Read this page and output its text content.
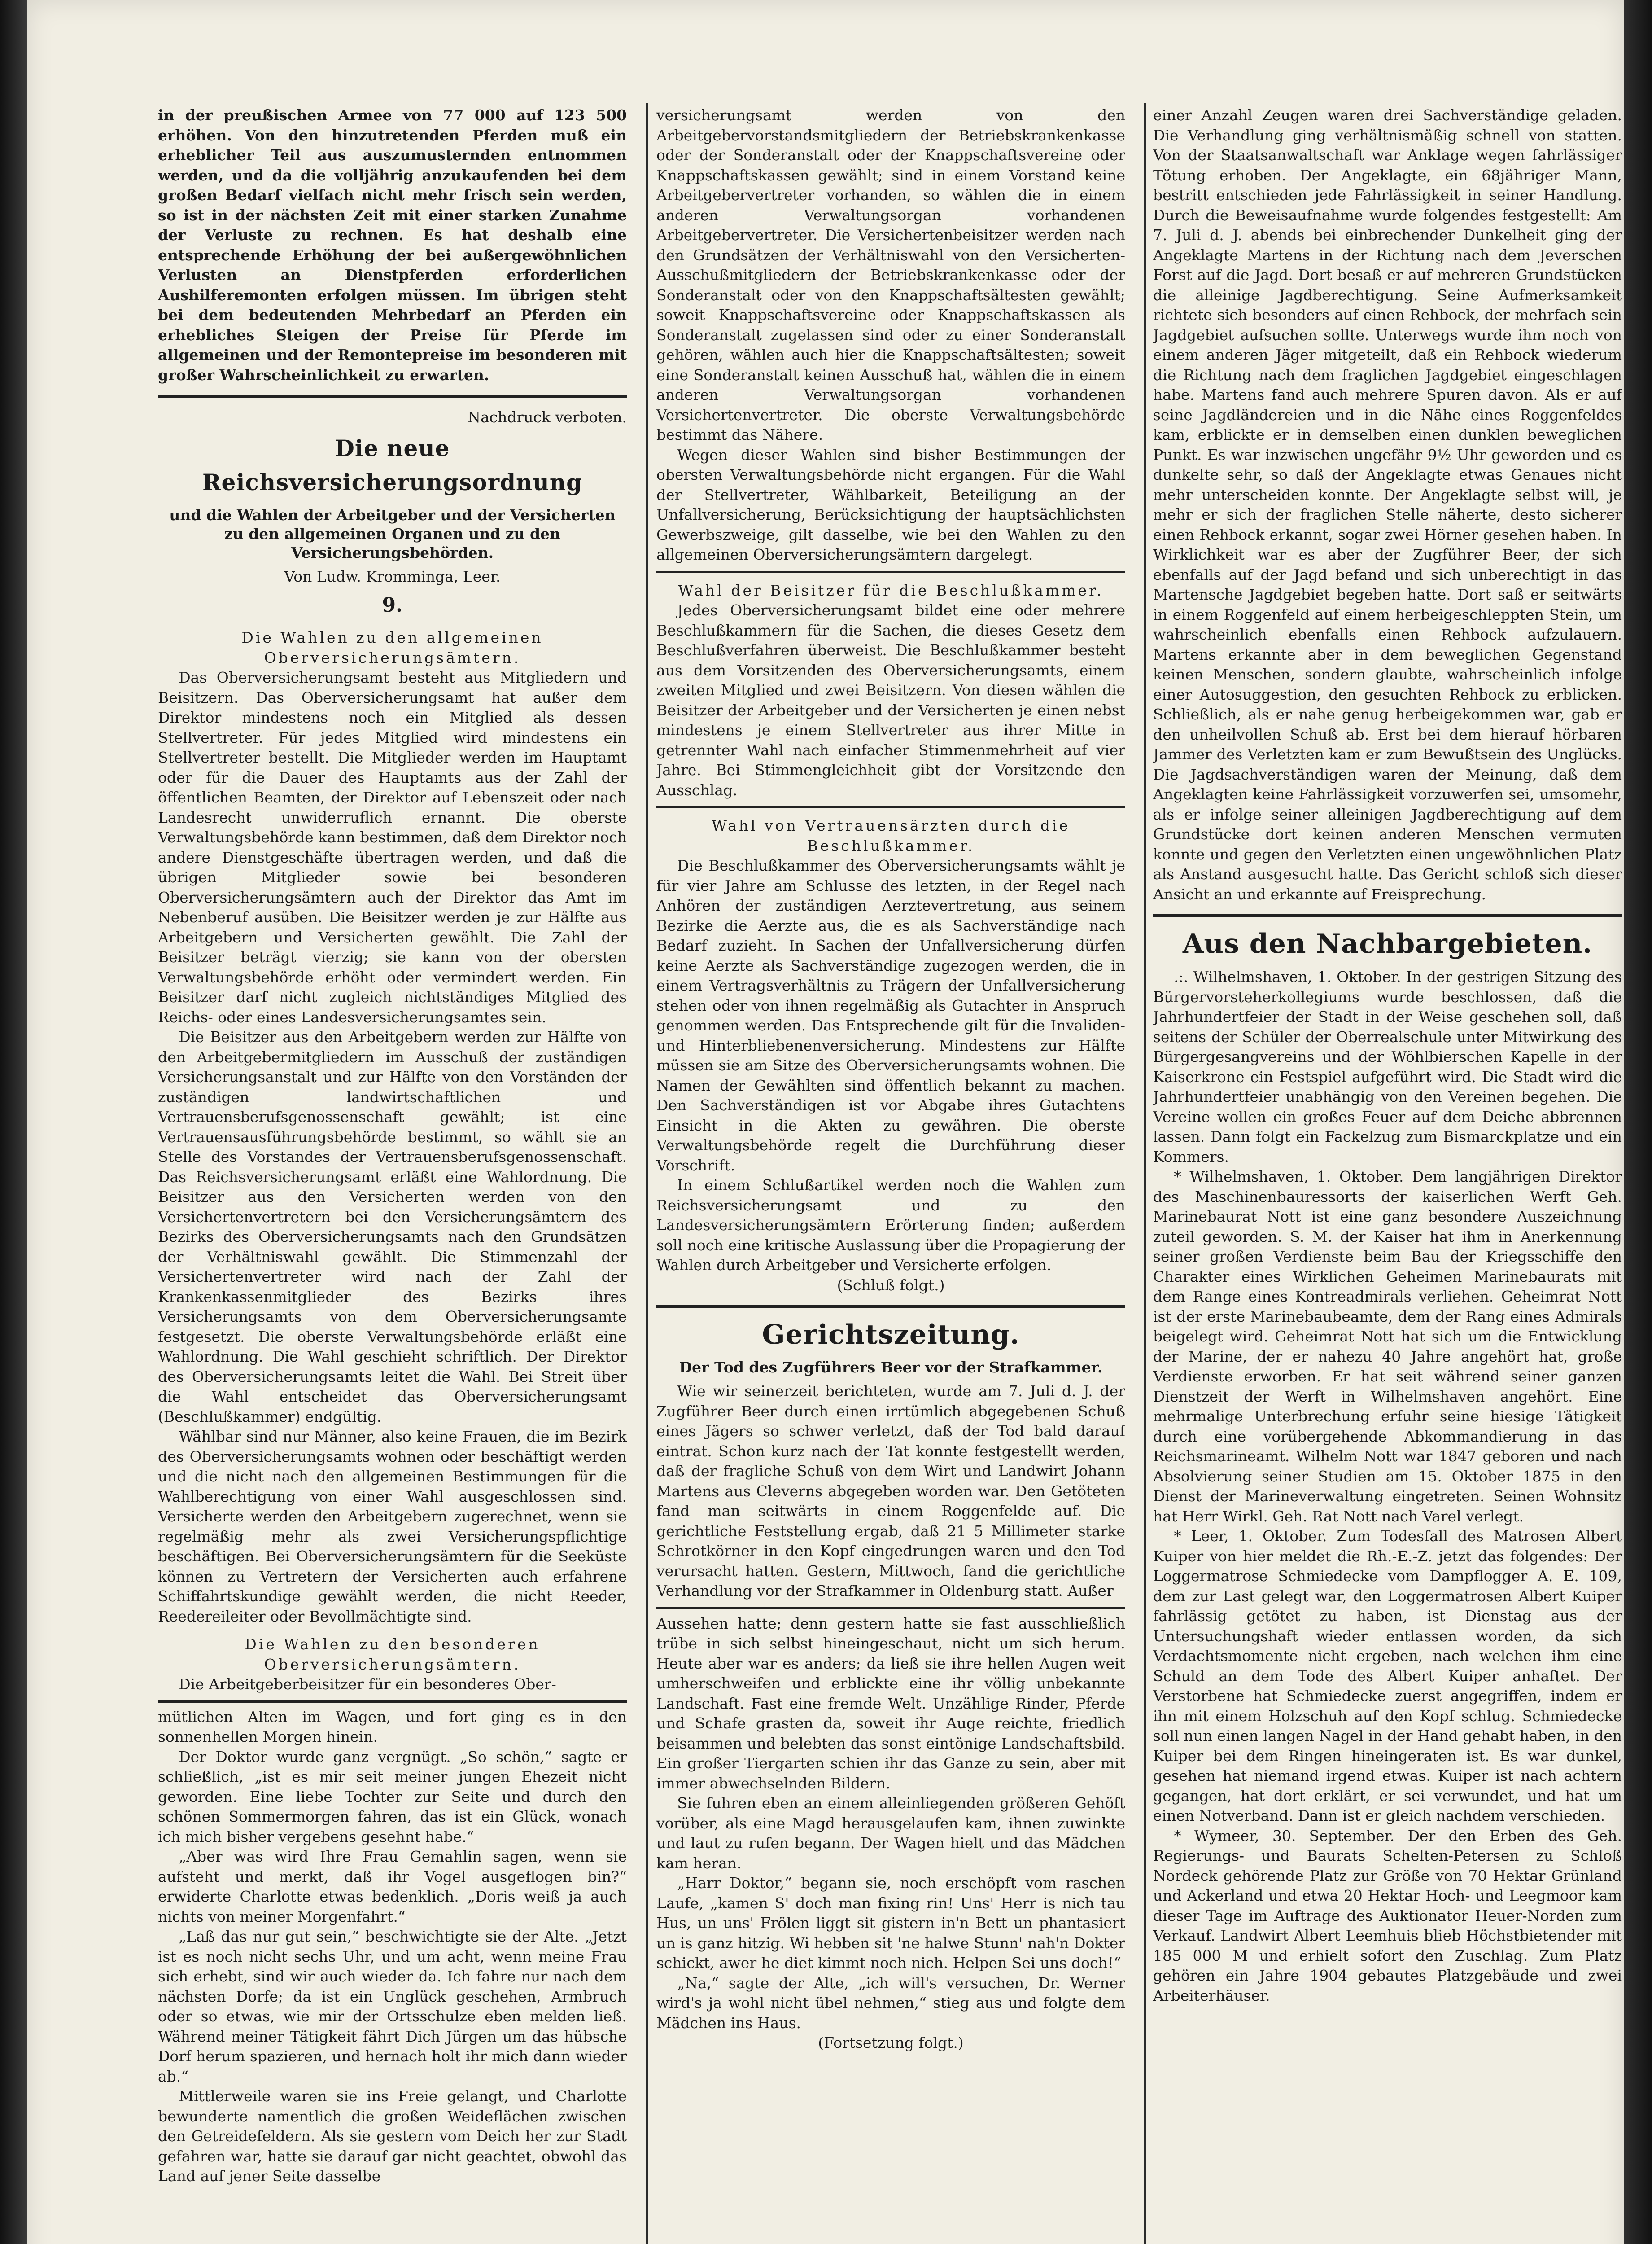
in der preußischen Armee von 77 000 auf 123 500 erhöhen. Von den hinzutretenden Pferden muß ein erheblicher Teil aus auszumusternden entnommen werden, und da die volljährig anzukaufenden bei dem großen Bedarf vielfach nicht mehr frisch sein werden, so ist in der nächsten Zeit mit einer starken Zunahme der Verluste zu rechnen. Es hat deshalb eine entsprechende Erhöhung der bei außergewöhnlichen Verlusten an Dienstpferden erforderlichen Aushilferemonten erfolgen müssen. Im übrigen steht bei dem bedeutenden Mehrbedarf an Pferden ein erhebliches Steigen der Preise für Pferde im allgemeinen und der Remontepreise im besonderen mit großer Wahrscheinlichkeit zu erwarten.

Nachdruck verboten.

Die neue Reichsversicherungsordnung
und die Wahlen der Arbeitgeber und der Versicherten zu den allgemeinen Organen und zu den Versicherungsbehörden.

Von Ludw. Kromminga, Leer.

9.

Die Wahlen zu den allgemeinen Oberversicherungsämtern.

Das Oberversicherungsamt besteht aus Mitgliedern und Beisitzern. Das Oberversicherungsamt hat außer dem Direktor mindestens noch ein Mitglied als dessen Stellvertreter. Für jedes Mitglied wird mindestens ein Stellvertreter bestellt. Die Mitglieder werden im Hauptamt oder für die Dauer des Hauptamts aus der Zahl der öffentlichen Beamten, der Direktor auf Lebenszeit oder nach Landesrecht unwiderruflich ernannt. Die oberste Verwaltungsbehörde kann bestimmen, daß dem Direktor noch andere Dienstgeschäfte übertragen werden, und daß die übrigen Mitglieder sowie bei besonderen Oberversicherungsämtern auch der Direktor das Amt im Nebenberuf ausüben. Die Beisitzer werden je zur Hälfte aus Arbeitgebern und Versicherten gewählt. Die Zahl der Beisitzer beträgt vierzig; sie kann von der obersten Verwaltungsbehörde erhöht oder vermindert werden. Ein Beisitzer darf nicht zugleich nichtständiges Mitglied des Reichs- oder eines Landesversicherungsamtes sein.

Die Beisitzer aus den Arbeitgebern werden zur Hälfte von den Arbeitgebermitgliedern im Ausschuß der zuständigen Versicherungsanstalt und zur Hälfte von den Vorständen der zuständigen landwirtschaftlichen und Vertrauensberufsgenossenschaft gewählt; ist eine Vertrauensausführungsbehörde bestimmt, so wählt sie an Stelle des Vorstandes der Vertrauensberufsgenossenschaft. Das Reichsversicherungsamt erläßt eine Wahlordnung. Die Beisitzer aus den Versicherten werden von den Versichertenvertretern bei den Versicherungsämtern des Bezirks des Oberversicherungsamts nach den Grundsätzen der Verhältniswahl gewählt. Die Stimmenzahl der Versichertenvertreter wird nach der Zahl der Krankenkassenmitglieder des Bezirks ihres Versicherungsamts von dem Oberversicherungsamte festgesetzt. Die oberste Verwaltungsbehörde erläßt eine Wahlordnung. Die Wahl geschieht schriftlich. Der Direktor des Oberversicherungsamts leitet die Wahl. Bei Streit über die Wahl entscheidet das Oberversicherungsamt (Beschlußkammer) endgültig.

Wählbar sind nur Männer, also keine Frauen, die im Bezirk des Oberversicherungsamts wohnen oder beschäftigt werden und die nicht nach den allgemeinen Bestimmungen für die Wahlberechtigung von einer Wahl ausgeschlossen sind. Versicherte werden den Arbeitgebern zugerechnet, wenn sie regelmäßig mehr als zwei Versicherungspflichtige beschäftigen. Bei Oberversicherungsämtern für die Seeküste können zu Vertretern der Versicherten auch erfahrene Schiffahrtskundige gewählt werden, die nicht Reeder, Reedereileiter oder Bevollmächtigte sind.

Die Wahlen zu den besonderen Oberversicherungsämtern.

Die Arbeitgeberbeisitzer für ein besonderes Ober-

mütlichen Alten im Wagen, und fort ging es in den sonnenhellen Morgen hinein.

Der Doktor wurde ganz vergnügt. „So schön,“ sagte er schließlich, „ist es mir seit meiner jungen Ehezeit nicht geworden. Eine liebe Tochter zur Seite und durch den schönen Sommermorgen fahren, das ist ein Glück, wonach ich mich bisher vergebens gesehnt habe.“

„Aber was wird Ihre Frau Gemahlin sagen, wenn sie aufsteht und merkt, daß ihr Vogel ausgeflogen bin?“ erwiderte Charlotte etwas bedenklich. „Doris weiß ja auch nichts von meiner Morgenfahrt.“

„Laß das nur gut sein,“ beschwichtigte sie der Alte. „Jetzt ist es noch nicht sechs Uhr, und um acht, wenn meine Frau sich erhebt, sind wir auch wieder da. Ich fahre nur nach dem nächsten Dorfe; da ist ein Unglück geschehen, Armbruch oder so etwas, wie mir der Ortsschulze eben melden ließ. Während meiner Tätigkeit fährt Dich Jürgen um das hübsche Dorf herum spazieren, und hernach holt ihr mich dann wieder ab.“

Mittlerweile waren sie ins Freie gelangt, und Charlotte bewunderte namentlich die großen Weideflächen zwischen den Getreidefeldern. Als sie gestern vom Deich her zur Stadt gefahren war, hatte sie darauf gar nicht geachtet, obwohl das Land auf jener Seite dasselbe

versicherungsamt werden von den Arbeitgebervorstandsmitgliedern der Betriebskrankenkasse oder der Sonderanstalt oder der Knappschaftsvereine oder Knappschaftskassen gewählt; sind in einem Vorstand keine Arbeitgebervertreter vorhanden, so wählen die in einem anderen Verwaltungsorgan vorhandenen Arbeitgebervertreter. Die Versichertenbeisitzer werden nach den Grundsätzen der Verhältniswahl von den Versicherten-Ausschußmitgliedern der Betriebskrankenkasse oder der Sonderanstalt oder von den Knappschaftsältesten gewählt; soweit Knappschaftsvereine oder Knappschaftskassen als Sonderanstalt zugelassen sind oder zu einer Sonderanstalt gehören, wählen auch hier die Knappschaftsältesten; soweit eine Sonderanstalt keinen Ausschuß hat, wählen die in einem anderen Verwaltungsorgan vorhandenen Versichertenvertreter. Die oberste Verwaltungsbehörde bestimmt das Nähere.

Wegen dieser Wahlen sind bisher Bestimmungen der obersten Verwaltungsbehörde nicht ergangen. Für die Wahl der Stellvertreter, Wählbarkeit, Beteiligung an der Unfallversicherung, Berücksichtigung der hauptsächlichsten Gewerbszweige, gilt dasselbe, wie bei den Wahlen zu den allgemeinen Oberversicherungsämtern dargelegt.

Wahl der Beisitzer für die Beschlußkammer.

Jedes Oberversicherungsamt bildet eine oder mehrere Beschlußkammern für die Sachen, die dieses Gesetz dem Beschlußverfahren überweist. Die Beschlußkammer besteht aus dem Vorsitzenden des Oberversicherungsamts, einem zweiten Mitglied und zwei Beisitzern. Von diesen wählen die Beisitzer der Arbeitgeber und der Versicherten je einen nebst mindestens je einem Stellvertreter aus ihrer Mitte in getrennter Wahl nach einfacher Stimmenmehrheit auf vier Jahre. Bei Stimmengleichheit gibt der Vorsitzende den Ausschlag.

Wahl von Vertrauensärzten durch die Beschlußkammer.

Die Beschlußkammer des Oberversicherungsamts wählt je für vier Jahre am Schlusse des letzten, in der Regel nach Anhören der zuständigen Aerztevertretung, aus seinem Bezirke die Aerzte aus, die es als Sachverständige nach Bedarf zuzieht. In Sachen der Unfallversicherung dürfen keine Aerzte als Sachverständige zugezogen werden, die in einem Vertragsverhältnis zu Trägern der Unfallversicherung stehen oder von ihnen regelmäßig als Gutachter in Anspruch genommen werden. Das Entsprechende gilt für die Invaliden- und Hinterbliebenenversicherung. Mindestens zur Hälfte müssen sie am Sitze des Oberversicherungsamts wohnen. Die Namen der Gewählten sind öffentlich bekannt zu machen. Den Sachverständigen ist vor Abgabe ihres Gutachtens Einsicht in die Akten zu gewähren. Die oberste Verwaltungsbehörde regelt die Durchführung dieser Vorschrift.

In einem Schlußartikel werden noch die Wahlen zum Reichsversicherungsamt und zu den Landesversicherungsämtern Erörterung finden; außerdem soll noch eine kritische Auslassung über die Propagierung der Wahlen durch Arbeitgeber und Versicherte erfolgen.

(Schluß folgt.)

Gerichtszeitung.
Der Tod des Zugführers Beer vor der Strafkammer.

Wie wir seinerzeit berichteten, wurde am 7. Juli d. J. der Zugführer Beer durch einen irrtümlich abgegebenen Schuß eines Jägers so schwer verletzt, daß der Tod bald darauf eintrat. Schon kurz nach der Tat konnte festgestellt werden, daß der fragliche Schuß von dem Wirt und Landwirt Johann Martens aus Cleverns abgegeben worden war. Den Getöteten fand man seitwärts in einem Roggenfelde auf. Die gerichtliche Feststellung ergab, daß 21 5 Millimeter starke Schrotkörner in den Kopf eingedrungen waren und den Tod verursacht hatten. Gestern, Mittwoch, fand die gerichtliche Verhandlung vor der Strafkammer in Oldenburg statt. Außer

Aussehen hatte; denn gestern hatte sie fast ausschließlich trübe in sich selbst hineingeschaut, nicht um sich herum. Heute aber war es anders; da ließ sie ihre hellen Augen weit umherschweifen und erblickte eine ihr völlig unbekannte Landschaft. Fast eine fremde Welt. Unzählige Rinder, Pferde und Schafe grasten da, soweit ihr Auge reichte, friedlich beisammen und belebten das sonst eintönige Landschaftsbild. Ein großer Tiergarten schien ihr das Ganze zu sein, aber mit immer abwechselnden Bildern.

Sie fuhren eben an einem alleinliegenden größeren Gehöft vorüber, als eine Magd herausgelaufen kam, ihnen zuwinkte und laut zu rufen begann. Der Wagen hielt und das Mädchen kam heran.

„Harr Doktor,“ begann sie, noch erschöpft vom raschen Laufe, „kamen S' doch man fixing rin! Uns' Herr is nich tau Hus, un uns' Frölen liggt sit gistern in'n Bett un phantasiert un is ganz hitzig. Wi hebben sit 'ne halwe Stunn' nah'n Dokter schickt, awer he diet kimmt noch nich. Helpen Sei uns doch!“

„Na,“ sagte der Alte, „ich will's versuchen, Dr. Werner wird's ja wohl nicht übel nehmen,“ stieg aus und folgte dem Mädchen ins Haus.

(Fortsetzung folgt.)

einer Anzahl Zeugen waren drei Sachverständige geladen. Die Verhandlung ging verhältnismäßig schnell von statten. Von der Staatsanwaltschaft war Anklage wegen fahrlässiger Tötung erhoben. Der Angeklagte, ein 68jähriger Mann, bestritt entschieden jede Fahrlässigkeit in seiner Handlung. Durch die Beweisaufnahme wurde folgendes festgestellt: Am 7. Juli d. J. abends bei einbrechender Dunkelheit ging der Angeklagte Martens in der Richtung nach dem Jeverschen Forst auf die Jagd. Dort besaß er auf mehreren Grundstücken die alleinige Jagdberechtigung. Seine Aufmerksamkeit richtete sich besonders auf einen Rehbock, der mehrfach sein Jagdgebiet aufsuchen sollte. Unterwegs wurde ihm noch von einem anderen Jäger mitgeteilt, daß ein Rehbock wiederum die Richtung nach dem fraglichen Jagdgebiet eingeschlagen habe. Martens fand auch mehrere Spuren davon. Als er auf seine Jagdländereien und in die Nähe eines Roggenfeldes kam, erblickte er in demselben einen dunklen beweglichen Punkt. Es war inzwischen ungefähr 9½ Uhr geworden und es dunkelte sehr, so daß der Angeklagte etwas Genaues nicht mehr unterscheiden konnte. Der Angeklagte selbst will, je mehr er sich der fraglichen Stelle näherte, desto sicherer einen Rehbock erkannt, sogar zwei Hörner gesehen haben. In Wirklichkeit war es aber der Zugführer Beer, der sich ebenfalls auf der Jagd befand und sich unberechtigt in das Martensche Jagdgebiet begeben hatte. Dort saß er seitwärts in einem Roggenfeld auf einem herbeigeschleppten Stein, um wahrscheinlich ebenfalls einen Rehbock aufzulauern. Martens erkannte aber in dem beweglichen Gegenstand keinen Menschen, sondern glaubte, wahrscheinlich infolge einer Autosuggestion, den gesuchten Rehbock zu erblicken. Schließlich, als er nahe genug herbeigekommen war, gab er den unheilvollen Schuß ab. Erst bei dem hierauf hörbaren Jammer des Verletzten kam er zum Bewußtsein des Unglücks. Die Jagdsachverständigen waren der Meinung, daß dem Angeklagten keine Fahrlässigkeit vorzuwerfen sei, umsomehr, als er infolge seiner alleinigen Jagdberechtigung auf dem Grundstücke dort keinen anderen Menschen vermuten konnte und gegen den Verletzten einen ungewöhnlichen Platz als Anstand ausgesucht hatte. Das Gericht schloß sich dieser Ansicht an und erkannte auf Freisprechung.

Aus den Nachbargebieten.

.:. Wilhelmshaven, 1. Oktober. In der gestrigen Sitzung des Bürgervorsteherkollegiums wurde beschlossen, daß die Jahrhundertfeier der Stadt in der Weise geschehen soll, daß seitens der Schüler der Oberrealschule unter Mitwirkung des Bürgergesangvereins und der Wöhlbierschen Kapelle in der Kaiserkrone ein Festspiel aufgeführt wird. Die Stadt wird die Jahrhundertfeier unabhängig von den Vereinen begehen. Die Vereine wollen ein großes Feuer auf dem Deiche abbrennen lassen. Dann folgt ein Fackelzug zum Bismarckplatze und ein Kommers.

* Wilhelmshaven, 1. Oktober. Dem langjährigen Direktor des Maschinenbauressorts der kaiserlichen Werft Geh. Marinebaurat Nott ist eine ganz besondere Auszeichnung zuteil geworden. S. M. der Kaiser hat ihm in Anerkennung seiner großen Verdienste beim Bau der Kriegsschiffe den Charakter eines Wirklichen Geheimen Marinebaurats mit dem Range eines Kontreadmirals verliehen. Geheimrat Nott ist der erste Marinebaubeamte, dem der Rang eines Admirals beigelegt wird. Geheimrat Nott hat sich um die Entwicklung der Marine, der er nahezu 40 Jahre angehört hat, große Verdienste erworben. Er hat seit während seiner ganzen Dienstzeit der Werft in Wilhelmshaven angehört. Eine mehrmalige Unterbrechung erfuhr seine hiesige Tätigkeit durch eine vorübergehende Abkommandierung in das Reichsmarineamt. Wilhelm Nott war 1847 geboren und nach Absolvierung seiner Studien am 15. Oktober 1875 in den Dienst der Marineverwaltung eingetreten. Seinen Wohnsitz hat Herr Wirkl. Geh. Rat Nott nach Varel verlegt.

* Leer, 1. Oktober. Zum Todesfall des Matrosen Albert Kuiper von hier meldet die Rh.-E.-Z. jetzt das folgendes: Der Loggermatrose Schmiedecke vom Dampflogger A. E. 109, dem zur Last gelegt war, den Loggermatrosen Albert Kuiper fahrlässig getötet zu haben, ist Dienstag aus der Untersuchungshaft wieder entlassen worden, da sich Verdachtsmomente nicht ergeben, nach welchen ihm eine Schuld an dem Tode des Albert Kuiper anhaftet. Der Verstorbene hat Schmiedecke zuerst angegriffen, indem er ihn mit einem Holzschuh auf den Kopf schlug. Schmiedecke soll nun einen langen Nagel in der Hand gehabt haben, in den Kuiper bei dem Ringen hineingeraten ist. Es war dunkel, gesehen hat niemand irgend etwas. Kuiper ist nach achtern gegangen, hat dort erklärt, er sei verwundet, und hat um einen Notverband. Dann ist er gleich nachdem verschieden.

* Wymeer, 30. September. Der den Erben des Geh. Regierungs- und Baurats Schelten-Petersen zu Schloß Nordeck gehörende Platz zur Größe von 70 Hektar Grünland und Ackerland und etwa 20 Hektar Hoch- und Leegmoor kam dieser Tage im Auftrage des Auktionator Heuer-Norden zum Verkauf. Landwirt Albert Leemhuis blieb Höchstbietender mit 185 000 M und erhielt sofort den Zuschlag. Zum Platz gehören ein Jahre 1904 gebautes Platzgebäude und zwei Arbeiterhäuser.
